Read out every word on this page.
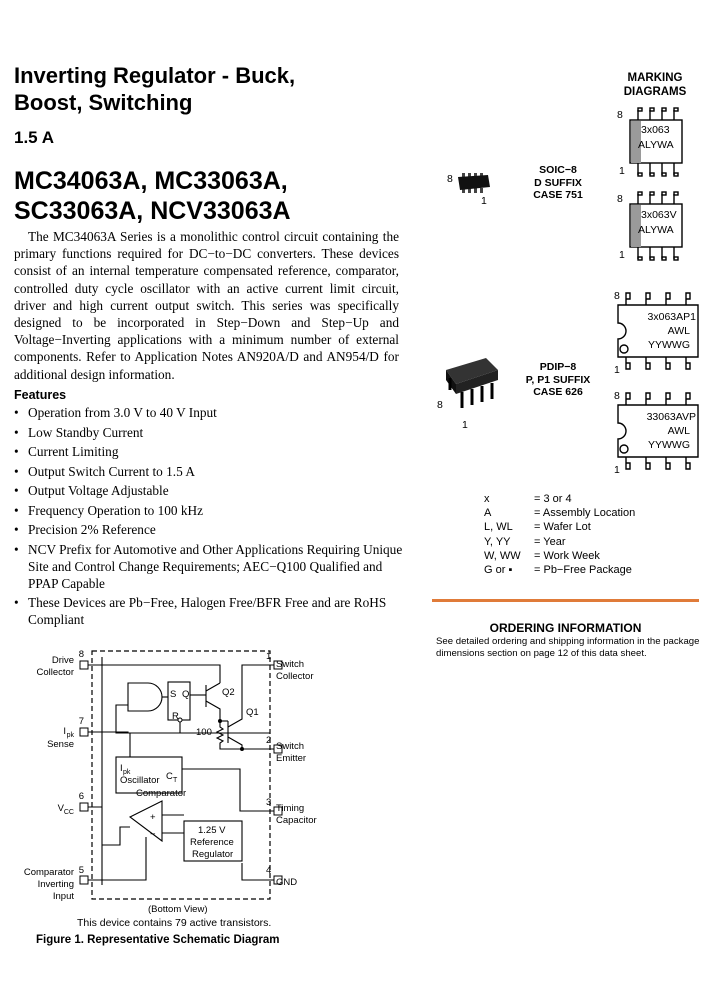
Inverting Regulator - Buck,
Boost, Switching
1.5 A
MC34063A, MC33063A,
SC33063A, NCV33063A
The MC34063A Series is a monolithic control circuit containing the primary functions required for DC−to−DC converters. These devices consist of an internal temperature compensated reference, comparator, controlled duty cycle oscillator with an active current limit circuit, driver and high current output switch. This series was specifically designed to be incorporated in Step−Down and Step−Up and Voltage−Inverting applications with a minimum number of external components. Refer to Application Notes AN920A/D and AN954/D for additional design information.
Features
• Operation from 3.0 V to 40 V Input
• Low Standby Current
• Current Limiting
• Output Switch Current to 1.5 A
• Output Voltage Adjustable
• Frequency Operation to 100 kHz
• Precision 2% Reference
• NCV Prefix for Automotive and Other Applications Requiring Unique Site and Control Change Requirements; AEC−Q100 Qualified and PPAP Capable
• These Devices are Pb−Free, Halogen Free/BFR Free and are RoHS Compliant
MARKING
DIAGRAMS
8
1
SOIC−8
D SUFFIX
CASE 751
8
1
3x063
ALYWA
8
1
3x063V
ALYWA
8
1
PDIP−8
P, P1 SUFFIX
CASE 626
8
1
3x063AP1
AWL
YYWWG
8
1
33063AVP
AWL
YYWWG
x	= 3 or 4
A	= Assembly Location
L, WL = Wafer Lot
Y, YY = Year
W, WW = Work Week
G or ▪ = Pb−Free Package
ORDERING INFORMATION
See detailed ordering and shipping information in the package dimensions section on page 12 of this data sheet.
8
Drive
Collector
7
I pk
Sense
6
V CC
5
Comparator
Inverting
Input
1
Switch
Collector
2
Switch
Emitter
3
Timing
Capacitor
4
GND
Q2
Q1
100
S Q
R
I pk
Oscillator C T
Comparator
+
−	1.25 V
Reference
Regulator
(Bottom View)
This device contains 79 active transistors.
Figure 1. Representative Schematic Diagram
